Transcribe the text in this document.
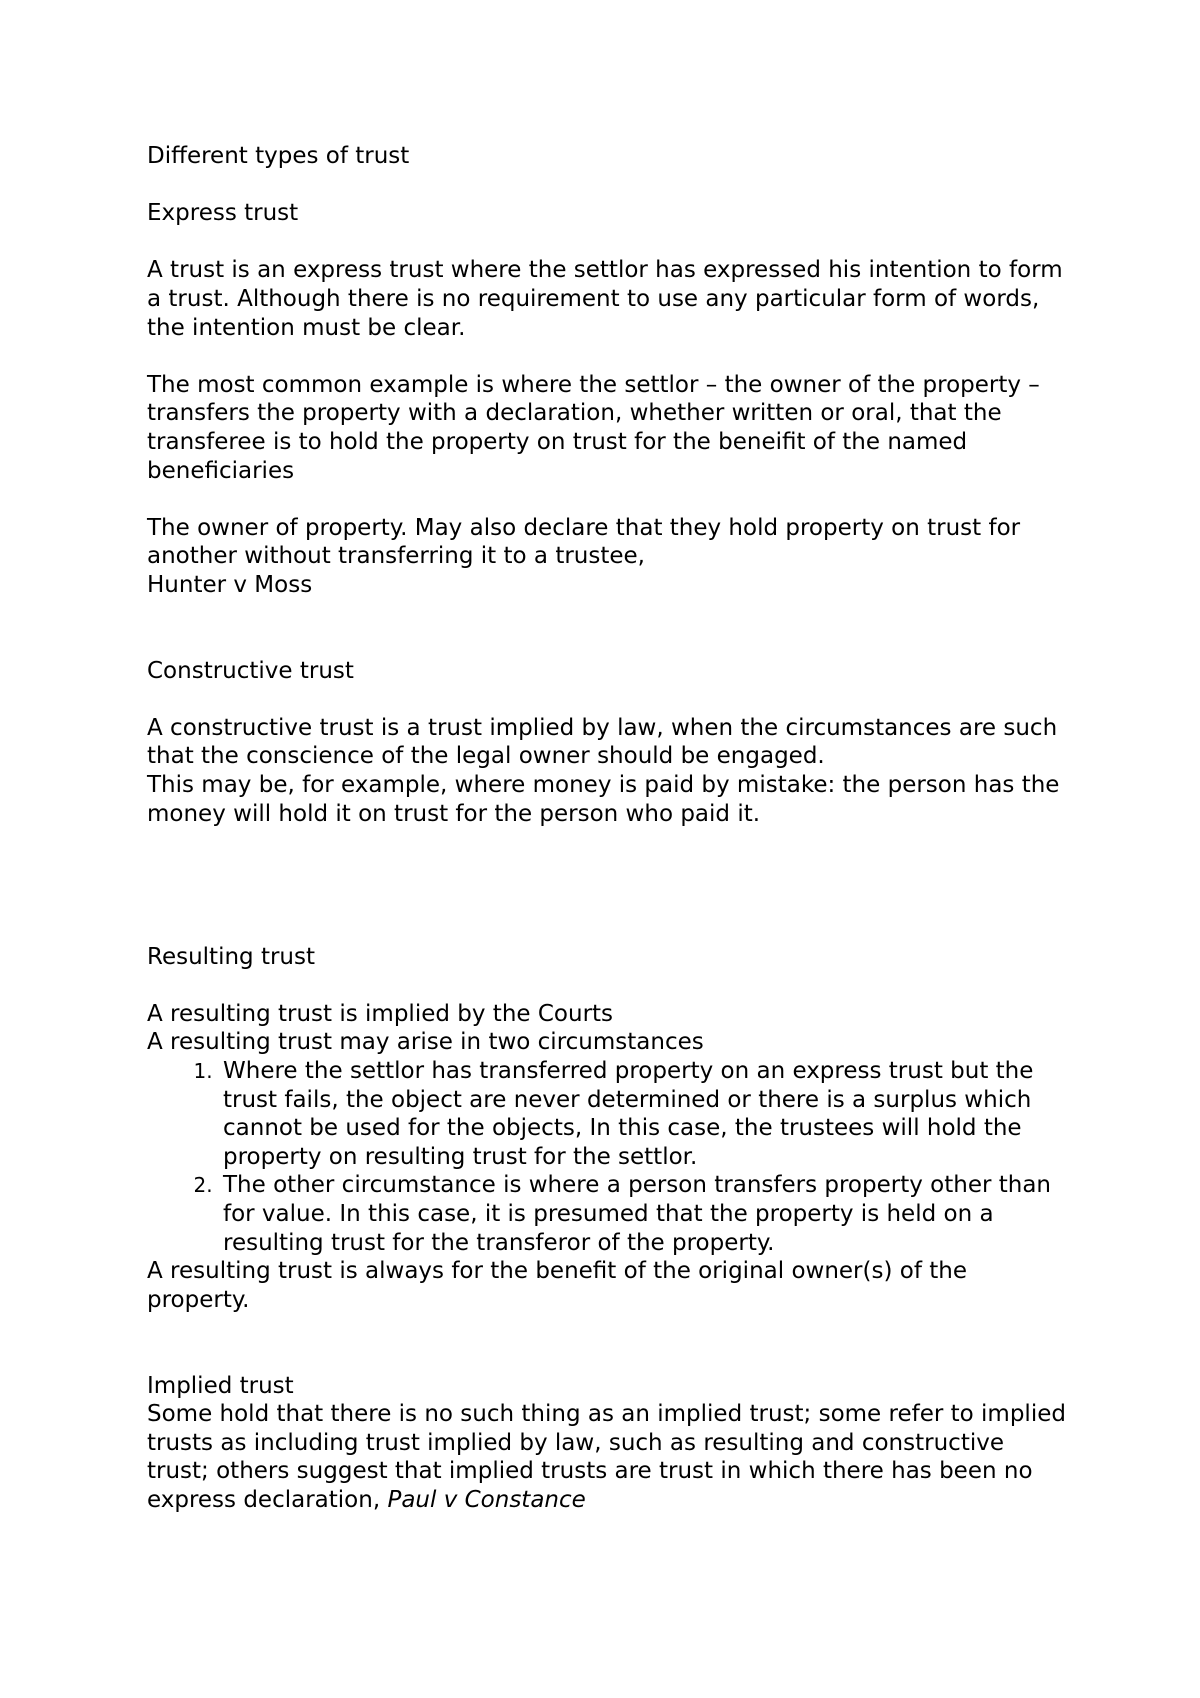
Different types of trust

Express trust

A trust is an express trust where the settlor has expressed his intention to form a trust. Although there is no requirement to use any particular form of words, the intention must be clear.

The most common example is where the settlor – the owner of the property – transfers the property with a declaration, whether written or oral, that the transferee is to hold the property on trust for the beneifit of the named beneficiaries

The owner of property. May also declare that they hold property on trust for another without transferring it to a trustee,

Hunter v Moss

Constructive trust

A constructive trust is a trust implied by law, when the circumstances are such that the conscience of the legal owner should be engaged.

This may be, for example, where money is paid by mistake: the person has the money will hold it on trust for the person who paid it.

Resulting trust

A resulting trust is implied by the Courts

A resulting trust may arise in two circumstances

1. Where the settlor has transferred property on an express trust but the trust fails, the object are never determined or there is a surplus which cannot be used for the objects, In this case, the trustees will hold the property on resulting trust for the settlor.
2. The other circumstance is where a person transfers property other than for value. In this case, it is presumed that the property is held on a resulting trust for the transferor of the property.

A resulting trust is always for the benefit of the original owner(s) of the property.

Implied trust

Some hold that there is no such thing as an implied trust; some refer to implied trusts as including trust implied by law, such as resulting and constructive trust; others suggest that implied trusts are trust in which there has been no express declaration, Paul v Constance
